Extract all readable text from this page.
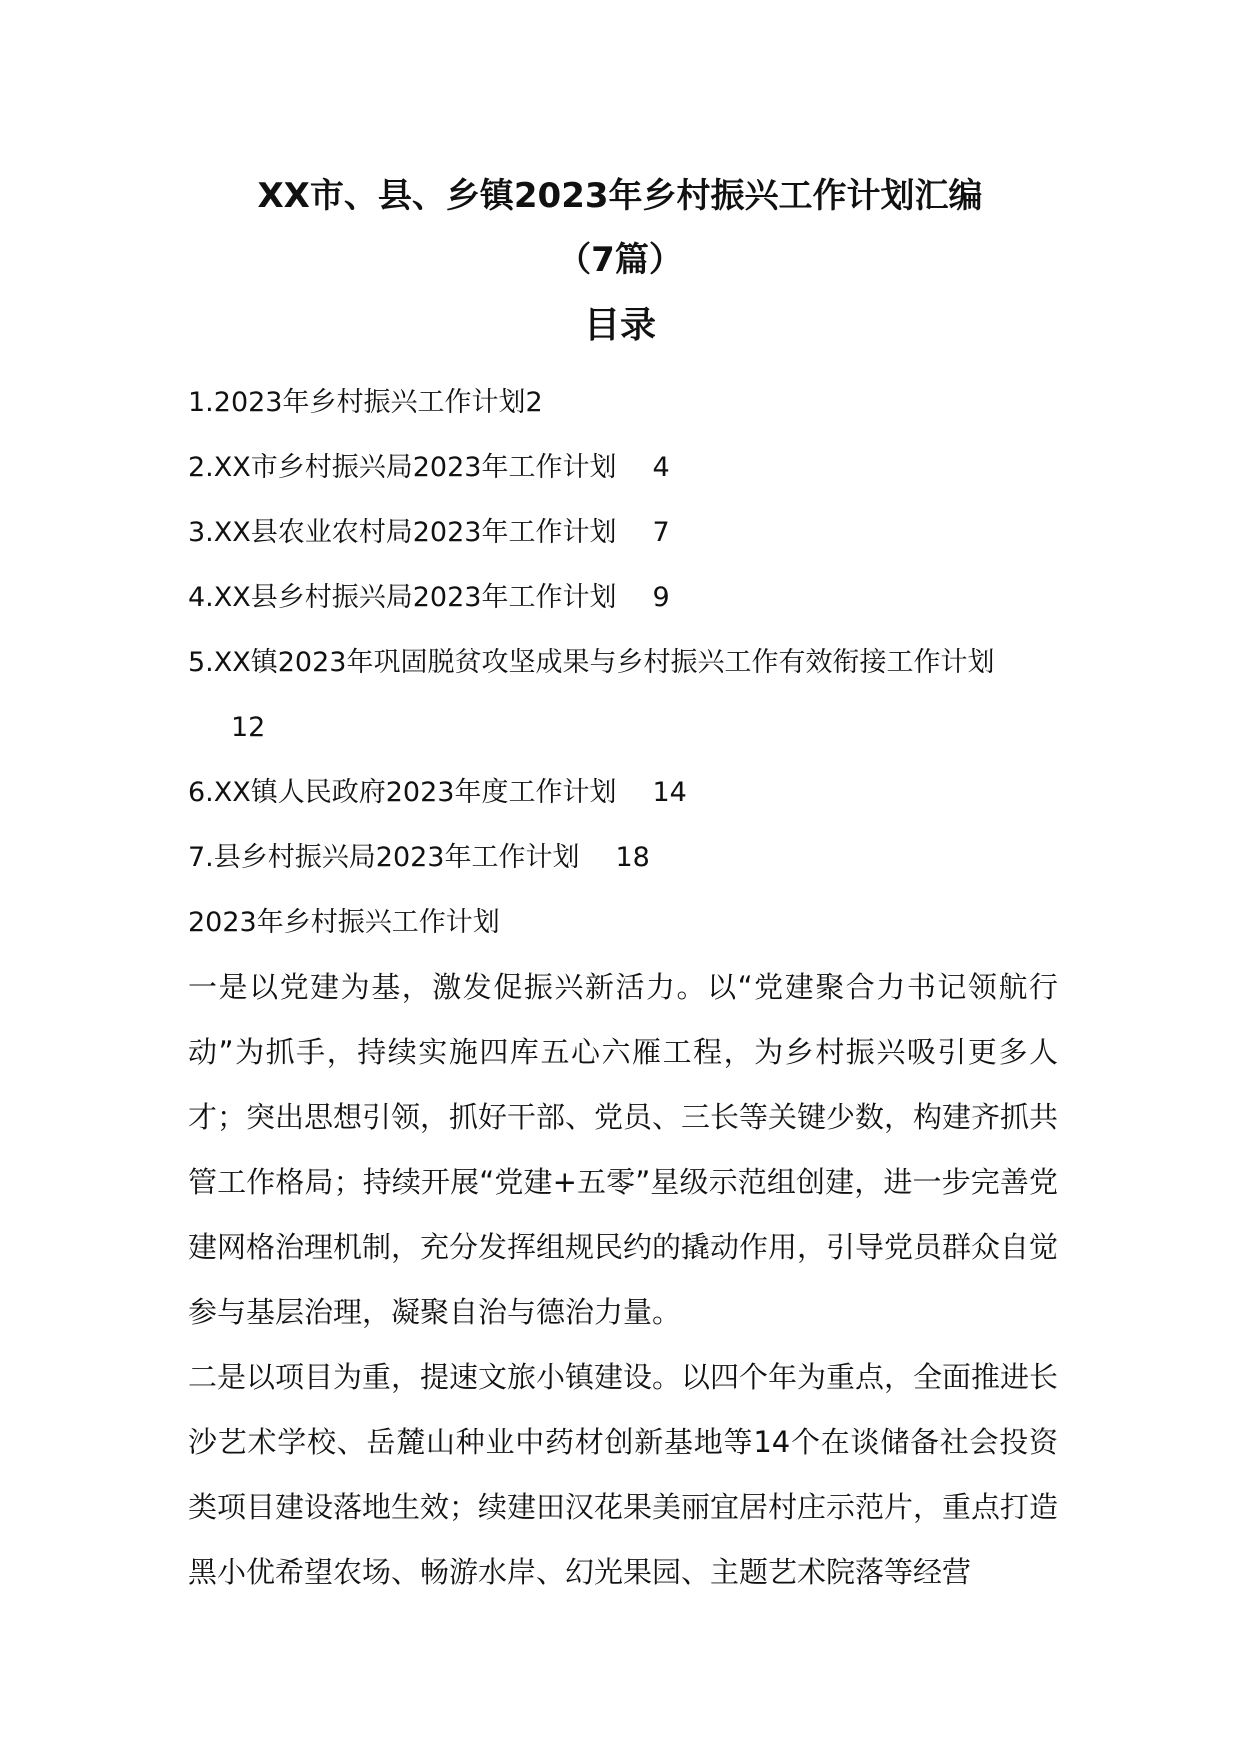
XX市、县、乡镇2023年乡村振兴工作计划汇编
（7篇）
目录
1.2023年乡村振兴工作计划2
2.XX市乡村振兴局2023年工作计划 4
3.XX县农业农村局2023年工作计划 7
4.XX县乡村振兴局2023年工作计划 9
5.XX镇2023年巩固脱贫攻坚成果与乡村振兴工作有效衔接工作计划
12
6.XX镇人民政府2023年度工作计划 14
7.县乡村振兴局2023年工作计划 18

2023年乡村振兴工作计划

一是以党建为基，激发促振兴新活力。以“党建聚合力书记领航行动”为抓手，持续实施四库五心六雁工程，为乡村振兴吸引更多人才；突出思想引领，抓好干部、党员、三长等关键少数，构建齐抓共管工作格局；持续开展“党建+五零”星级示范组创建，进一步完善党建网格治理机制，充分发挥组规民约的撬动作用，引导党员群众自觉参与基层治理，凝聚自治与德治力量。

二是以项目为重，提速文旅小镇建设。以四个年为重点，全面推进长沙艺术学校、岳麓山种业中药材创新基地等14个在谈储备社会投资类项目建设落地生效；续建田汉花果美丽宜居村庄示范片，重点打造黑小优希望农场、畅游水岸、幻光果园、主题艺术院落等经营
